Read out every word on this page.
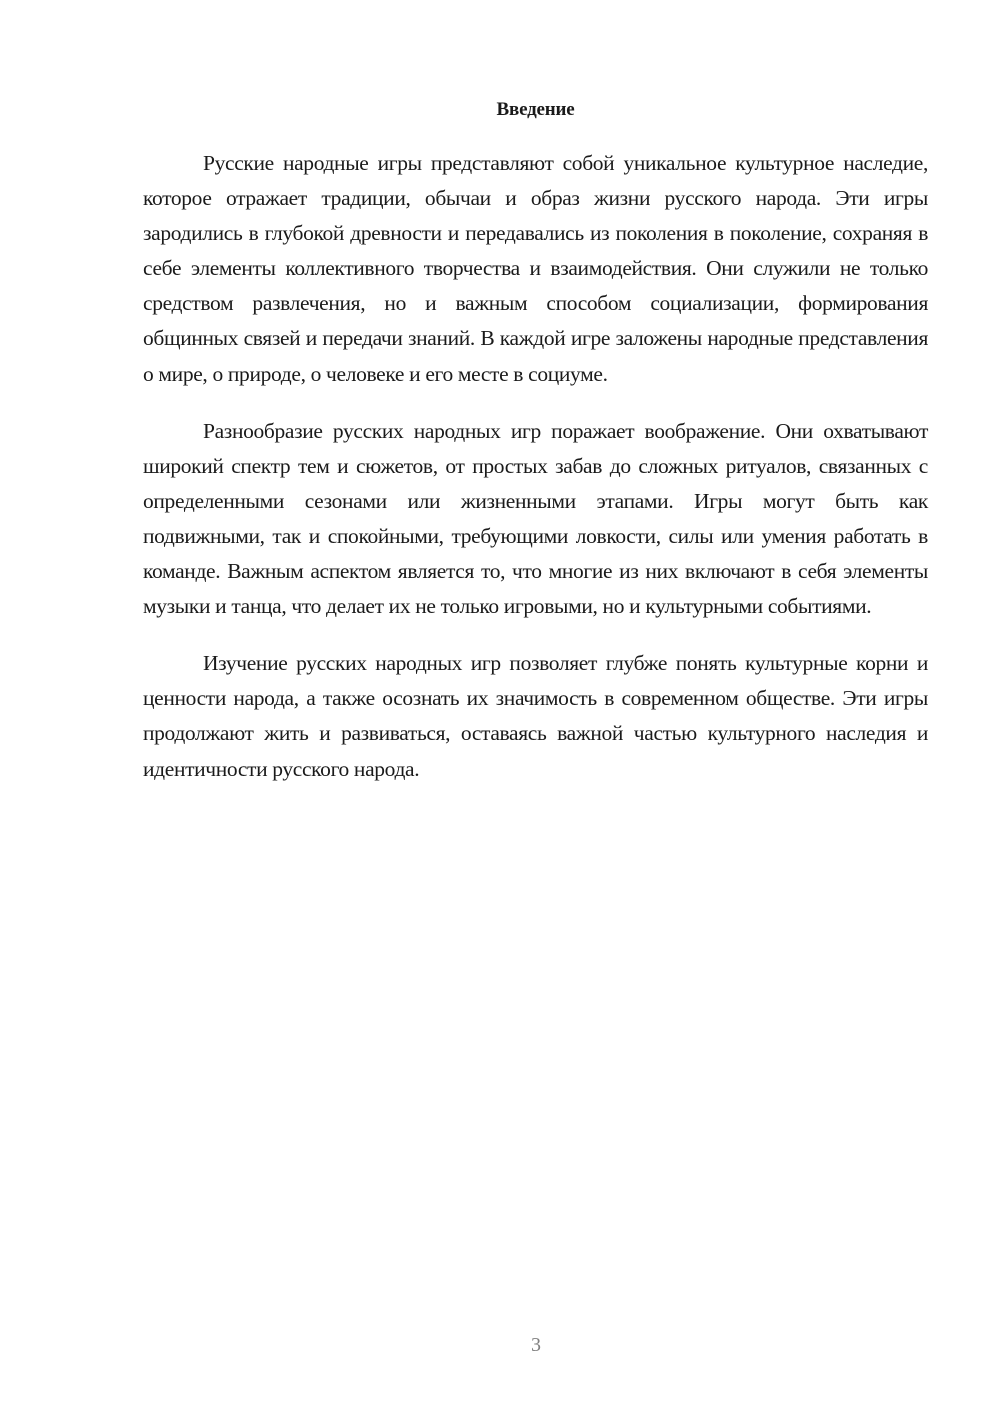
Введение

Русские народные игры представляют собой уникальное культурное наследие, которое отражает традиции, обычаи и образ жизни русского народа. Эти игры зародились в глубокой древности и передавались из поколения в поколение, сохраняя в себе элементы коллективного творчества и взаимодействия. Они служили не только средством развлечения, но и важным способом социализации, формирования общинных связей и передачи знаний. В каждой игре заложены народные представления о мире, о природе, о человеке и его месте в социуме.

Разнообразие русских народных игр поражает воображение. Они охватывают широкий спектр тем и сюжетов, от простых забав до сложных ритуалов, связанных с определенными сезонами или жизненными этапами. Игры могут быть как подвижными, так и спокойными, требующими ловкости, силы или умения работать в команде. Важным аспектом является то, что многие из них включают в себя элементы музыки и танца, что делает их не только игровыми, но и культурными событиями.

Изучение русских народных игр позволяет глубже понять культурные корни и ценности народа, а также осознать их значимость в современном обществе. Эти игры продолжают жить и развиваться, оставаясь важной частью культурного наследия и идентичности русского народа.

3
